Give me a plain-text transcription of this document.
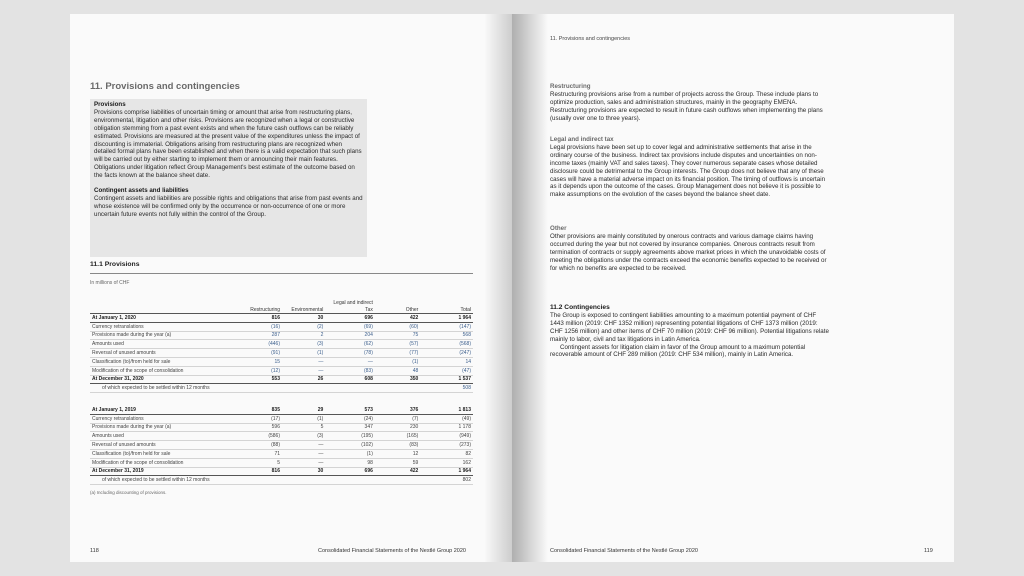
11. Provisions and contingencies

Provisions

Provisions comprise liabilities of uncertain timing or amount that arise from restructuring plans, environmental, litigation and other risks. Provisions are recognized when a legal or constructive obligation stemming from a past event exists and when the future cash outflows can be reliably estimated. Provisions are measured at the present value of the expenditures unless the impact of discounting is immaterial. Obligations arising from restructuring plans are recognized when detailed formal plans have been established and when there is a valid expectation that such plans will be carried out by either starting to implement them or announcing their main features. Obligations under litigation reflect Group Management's best estimate of the outcome based on the facts known at the balance sheet date.

Contingent assets and liabilities

Contingent assets and liabilities are possible rights and obligations that arise from past events and whose existence will be confirmed only by the occurrence or non-occurrence of one or more uncertain future events not fully within the control of the Group.

11.1 Provisions
In millions of CHF
	Restructuring	Environmental	Legal and indirect Tax	Other	Total
At January 1, 2020	816	30	696	422	1 964
Currency retranslations	(16)	(2)	(69)	(60)	(147)
Provisions made during the year (a)	287	2	204	75	568
Amounts used	(446)	(3)	(62)	(57)	(568)
Reversal of unused amounts	(91)	(1)	(78)	(77)	(247)
Classification (to)/from held for sale	15	—	—	(1)	14
Modification of the scope of consolidation	(12)	—	(83)	48	(47)
At December 31, 2020	553	26	608	350	1 537
of which expected to be settled within 12 months					508
At January 1, 2019	835	29	573	376	1 813
Currency retranslations	(17)	(1)	(24)	(7)	(49)
Provisions made during the year (a)	596	5	347	230	1 178
Amounts used	(586)	(3)	(195)	(165)	(949)
Reversal of unused amounts	(88)	—	(102)	(83)	(273)
Classification (to)/from held for sale	71	—	(1)	12	82
Modification of the scope of consolidation	5	—	98	59	162
At December 31, 2019	816	30	696	422	1 964
of which expected to be settled within 12 months					802
(a) Including discounting of provisions.
118	Consolidated Financial Statements of the Nestlé Group 2020
11. Provisions and contingencies
Restructuring
Restructuring provisions arise from a number of projects across the Group. These include plans to optimize production, sales and administration structures, mainly in the geography EMENA. Restructuring provisions are expected to result in future cash outflows when implementing the plans (usually over one to three years).
Legal and indirect tax
Legal provisions have been set up to cover legal and administrative settlements that arise in the ordinary course of the business. Indirect tax provisions include disputes and uncertainties on non-income taxes (mainly VAT and sales taxes). They cover numerous separate cases whose detailed disclosure could be detrimental to the Group interests. The Group does not believe that any of these cases will have a material adverse impact on its financial position. The timing of outflows is uncertain as it depends upon the outcome of the cases. Group Management does not believe it is possible to make assumptions on the evolution of the cases beyond the balance sheet date.
Other
Other provisions are mainly constituted by onerous contracts and various damage claims having occurred during the year but not covered by insurance companies. Onerous contracts result from termination of contracts or supply agreements above market prices in which the unavoidable costs of meeting the obligations under the contracts exceed the economic benefits expected to be received or for which no benefits are expected to be received.
11.2 Contingencies
The Group is exposed to contingent liabilities amounting to a maximum potential payment of CHF 1443 million (2019: CHF 1352 million) representing potential litigations of CHF 1373 million (2019: CHF 1256 million) and other items of CHF 70 million (2019: CHF 96 million). Potential litigations relate mainly to labor, civil and tax litigations in Latin America.
Contingent assets for litigation claim in favor of the Group amount to a maximum potential recoverable amount of CHF 289 million (2019: CHF 534 million), mainly in Latin America.
Consolidated Financial Statements of the Nestlé Group 2020	119
